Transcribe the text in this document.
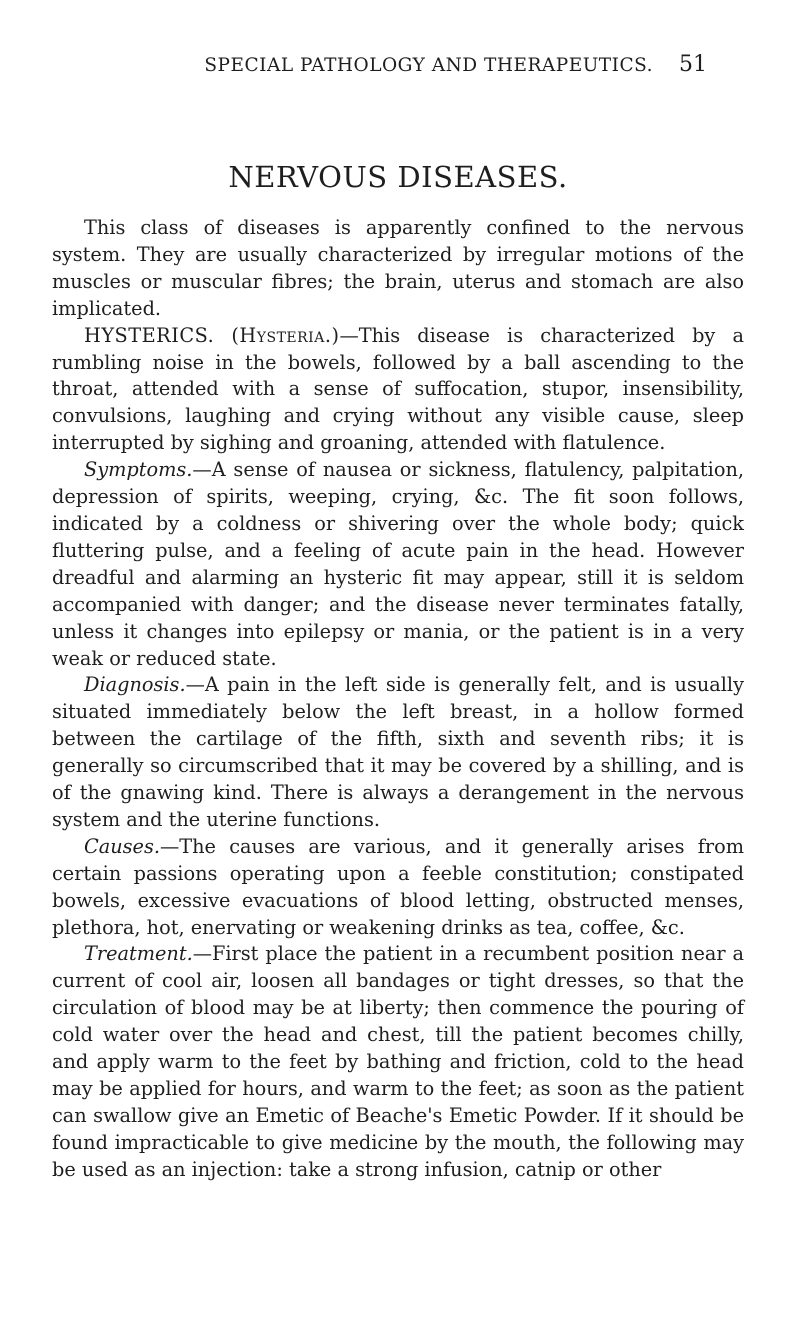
SPECIAL PATHOLOGY AND THERAPEUTICS. 51
NERVOUS DISEASES.

This class of diseases is apparently confined to the nervous system. They are usually characterized by irregular motions of the muscles or muscular fibres; the brain, uterus and stomach are also implicated.

HYSTERICS. (Hysteria.)—This disease is characterized by a rumbling noise in the bowels, followed by a ball ascending to the throat, attended with a sense of suffocation, stupor, insensibility, convulsions, laughing and crying without any visible cause, sleep interrupted by sighing and groaning, attended with flatulence.

Symptoms.—A sense of nausea or sickness, flatulency, palpitation, depression of spirits, weeping, crying, &c. The fit soon follows, indicated by a coldness or shivering over the whole body; quick fluttering pulse, and a feeling of acute pain in the head. However dreadful and alarming an hysteric fit may appear, still it is seldom accompanied with danger; and the disease never terminates fatally, unless it changes into epilepsy or mania, or the patient is in a very weak or reduced state.

Diagnosis.—A pain in the left side is generally felt, and is usually situated immediately below the left breast, in a hollow formed between the cartilage of the fifth, sixth and seventh ribs; it is generally so circumscribed that it may be covered by a shilling, and is of the gnawing kind. There is always a derangement in the nervous system and the uterine functions.

Causes.—The causes are various, and it generally arises from certain passions operating upon a feeble constitution; constipated bowels, excessive evacuations of blood letting, obstructed menses, plethora, hot, enervating or weakening drinks as tea, coffee, &c.

Treatment.—First place the patient in a recumbent position near a current of cool air, loosen all bandages or tight dresses, so that the circulation of blood may be at liberty; then commence the pouring of cold water over the head and chest, till the patient becomes chilly, and apply warm to the feet by bathing and friction, cold to the head may be applied for hours, and warm to the feet; as soon as the patient can swallow give an Emetic of Beache's Emetic Powder. If it should be found impracticable to give medicine by the mouth, the following may be used as an injection: take a strong infusion, catnip or other
